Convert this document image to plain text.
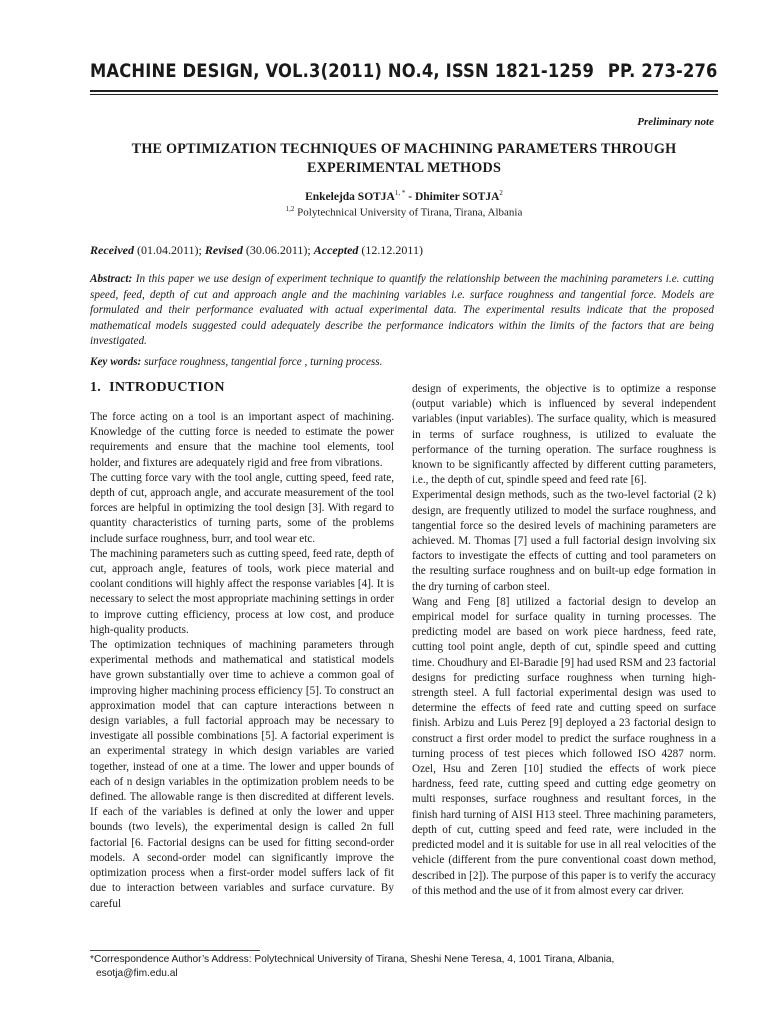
MACHINE DESIGN, VOL.3(2011) NO.4, ISSN 1821-1259 PP. 273-276
Preliminary note
THE OPTIMIZATION TECHNIQUES OF MACHINING PARAMETERS THROUGH
EXPERIMENTAL METHODS
Enkelejda $SOTJA^{1, *}$ - Dhimiter SOTJA$^2$
$^{1,2}$ Polytechnical University of Tirana, Tirana, Albania
Received (01.04.2011); Revised (30.06.2011); Accepted (12.12.2011)
Abstract: In this paper we use design of experiment technique to quantify the relationship between the machining parameters i.e. cutting speed, feed, depth of cut and approach angle and the machining variables i.e. surface roughness and tangential force. Models are formulated and their performance evaluated with actual experimental data. The experimental results indicate that the proposed mathematical models suggested could adequately describe the performance indicators within the limits of the factors that are being investigated.
Key words: surface roughness, tangential force , turning process.
1. INTRODUCTION

The force acting on a tool is an important aspect of machining. Knowledge of the cutting force is needed to estimate the power requirements and ensure that the machine tool elements, tool holder, and fixtures are adequately rigid and free from vibrations.

The cutting force vary with the tool angle, cutting speed, feed rate, depth of cut, approach angle, and accurate measurement of the tool forces are helpful in optimizing the tool design [3]. With regard to quantity characteristics of turning parts, some of the problems include surface roughness, burr, and tool wear etc.

The machining parameters such as cutting speed, feed rate, depth of cut, approach angle, features of tools, work piece material and coolant conditions will highly affect the response variables [4]. It is necessary to select the most appropriate machining settings in order to improve cutting efficiency, process at low cost, and produce high-quality products.

The optimization techniques of machining parameters through experimental methods and mathematical and statistical models have grown substantially over time to achieve a common goal of improving higher machining process efficiency [5]. To construct an approximation model that can capture interactions between n design variables, a full factorial approach may be necessary to investigate all possible combinations [5]. A factorial experiment is an experimental strategy in which design variables are varied together, instead of one at a time. The lower and upper bounds of each of n design variables in the optimization problem needs to be defined. The allowable range is then discredited at different levels. If each of the variables is defined at only the lower and upper bounds (two levels), the experimental design is called 2n full factorial [6. Factorial designs can be used for fitting second-order models. A second-order model can significantly improve the optimization process when a first-order model suffers lack of fit due to interaction between variables and surface curvature. By careful

design of experiments, the objective is to optimize a response (output variable) which is influenced by several independent variables (input variables). The surface quality, which is measured in terms of surface roughness, is utilized to evaluate the performance of the turning operation. The surface roughness is known to be significantly affected by different cutting parameters, i.e., the depth of cut, spindle speed and feed rate [6].

Experimental design methods, such as the two-level factorial (2 k) design, are frequently utilized to model the surface roughness, and tangential force so the desired levels of machining parameters are achieved. M. Thomas [7] used a full factorial design involving six factors to investigate the effects of cutting and tool parameters on the resulting surface roughness and on built-up edge formation in the dry turning of carbon steel.

Wang and Feng [8] utilized a factorial design to develop an empirical model for surface quality in turning processes. The predicting model are based on work piece hardness, feed rate, cutting tool point angle, depth of cut, spindle speed and cutting time. Choudhury and El-Baradie [9] had used RSM and 23 factorial designs for predicting surface roughness when turning high-strength steel. A full factorial experimental design was used to determine the effects of feed rate and cutting speed on surface finish. Arbizu and Luis Perez [9] deployed a 23 factorial design to construct a first order model to predict the surface roughness in a turning process of test pieces which followed ISO 4287 norm. Ozel, Hsu and Zeren [10] studied the effects of work piece hardness, feed rate, cutting speed and cutting edge geometry on multi responses, surface roughness and resultant forces, in the finish hard turning of AISI H13 steel. Three machining parameters, depth of cut, cutting speed and feed rate, were included in the predicted model and it is suitable for use in all real velocities of the vehicle (different from the pure conventional coast down method, described in [2]). The purpose of this paper is to verify the accuracy of this method and the use of it from almost every car driver.

*Correspondence Author’s Address: Polytechnical University of Tirana, Sheshi Nene Teresa, 4, 1001 Tirana, Albania,
esotja@fim.edu.al
